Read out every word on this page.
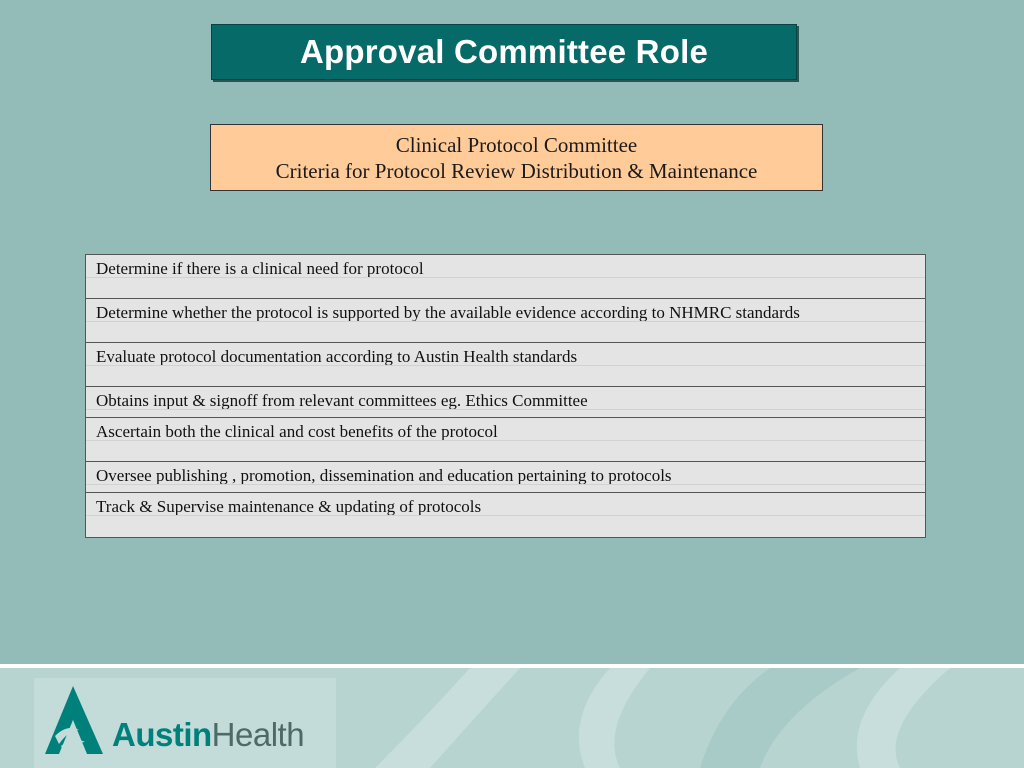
Approval Committee Role
Clinical Protocol Committee
Criteria for Protocol Review Distribution & Maintenance
Determine if there is a clinical need for protocol
Determine whether the protocol is supported by the available evidence according to NHMRC standards
Evaluate protocol documentation according to Austin Health standards
Obtains input & signoff from relevant committees eg. Ethics Committee
Ascertain both the clinical and cost benefits of the protocol
Oversee publishing , promotion, dissemination and education pertaining to protocols
Track & Supervise maintenance & updating of protocols
AustinHealth
